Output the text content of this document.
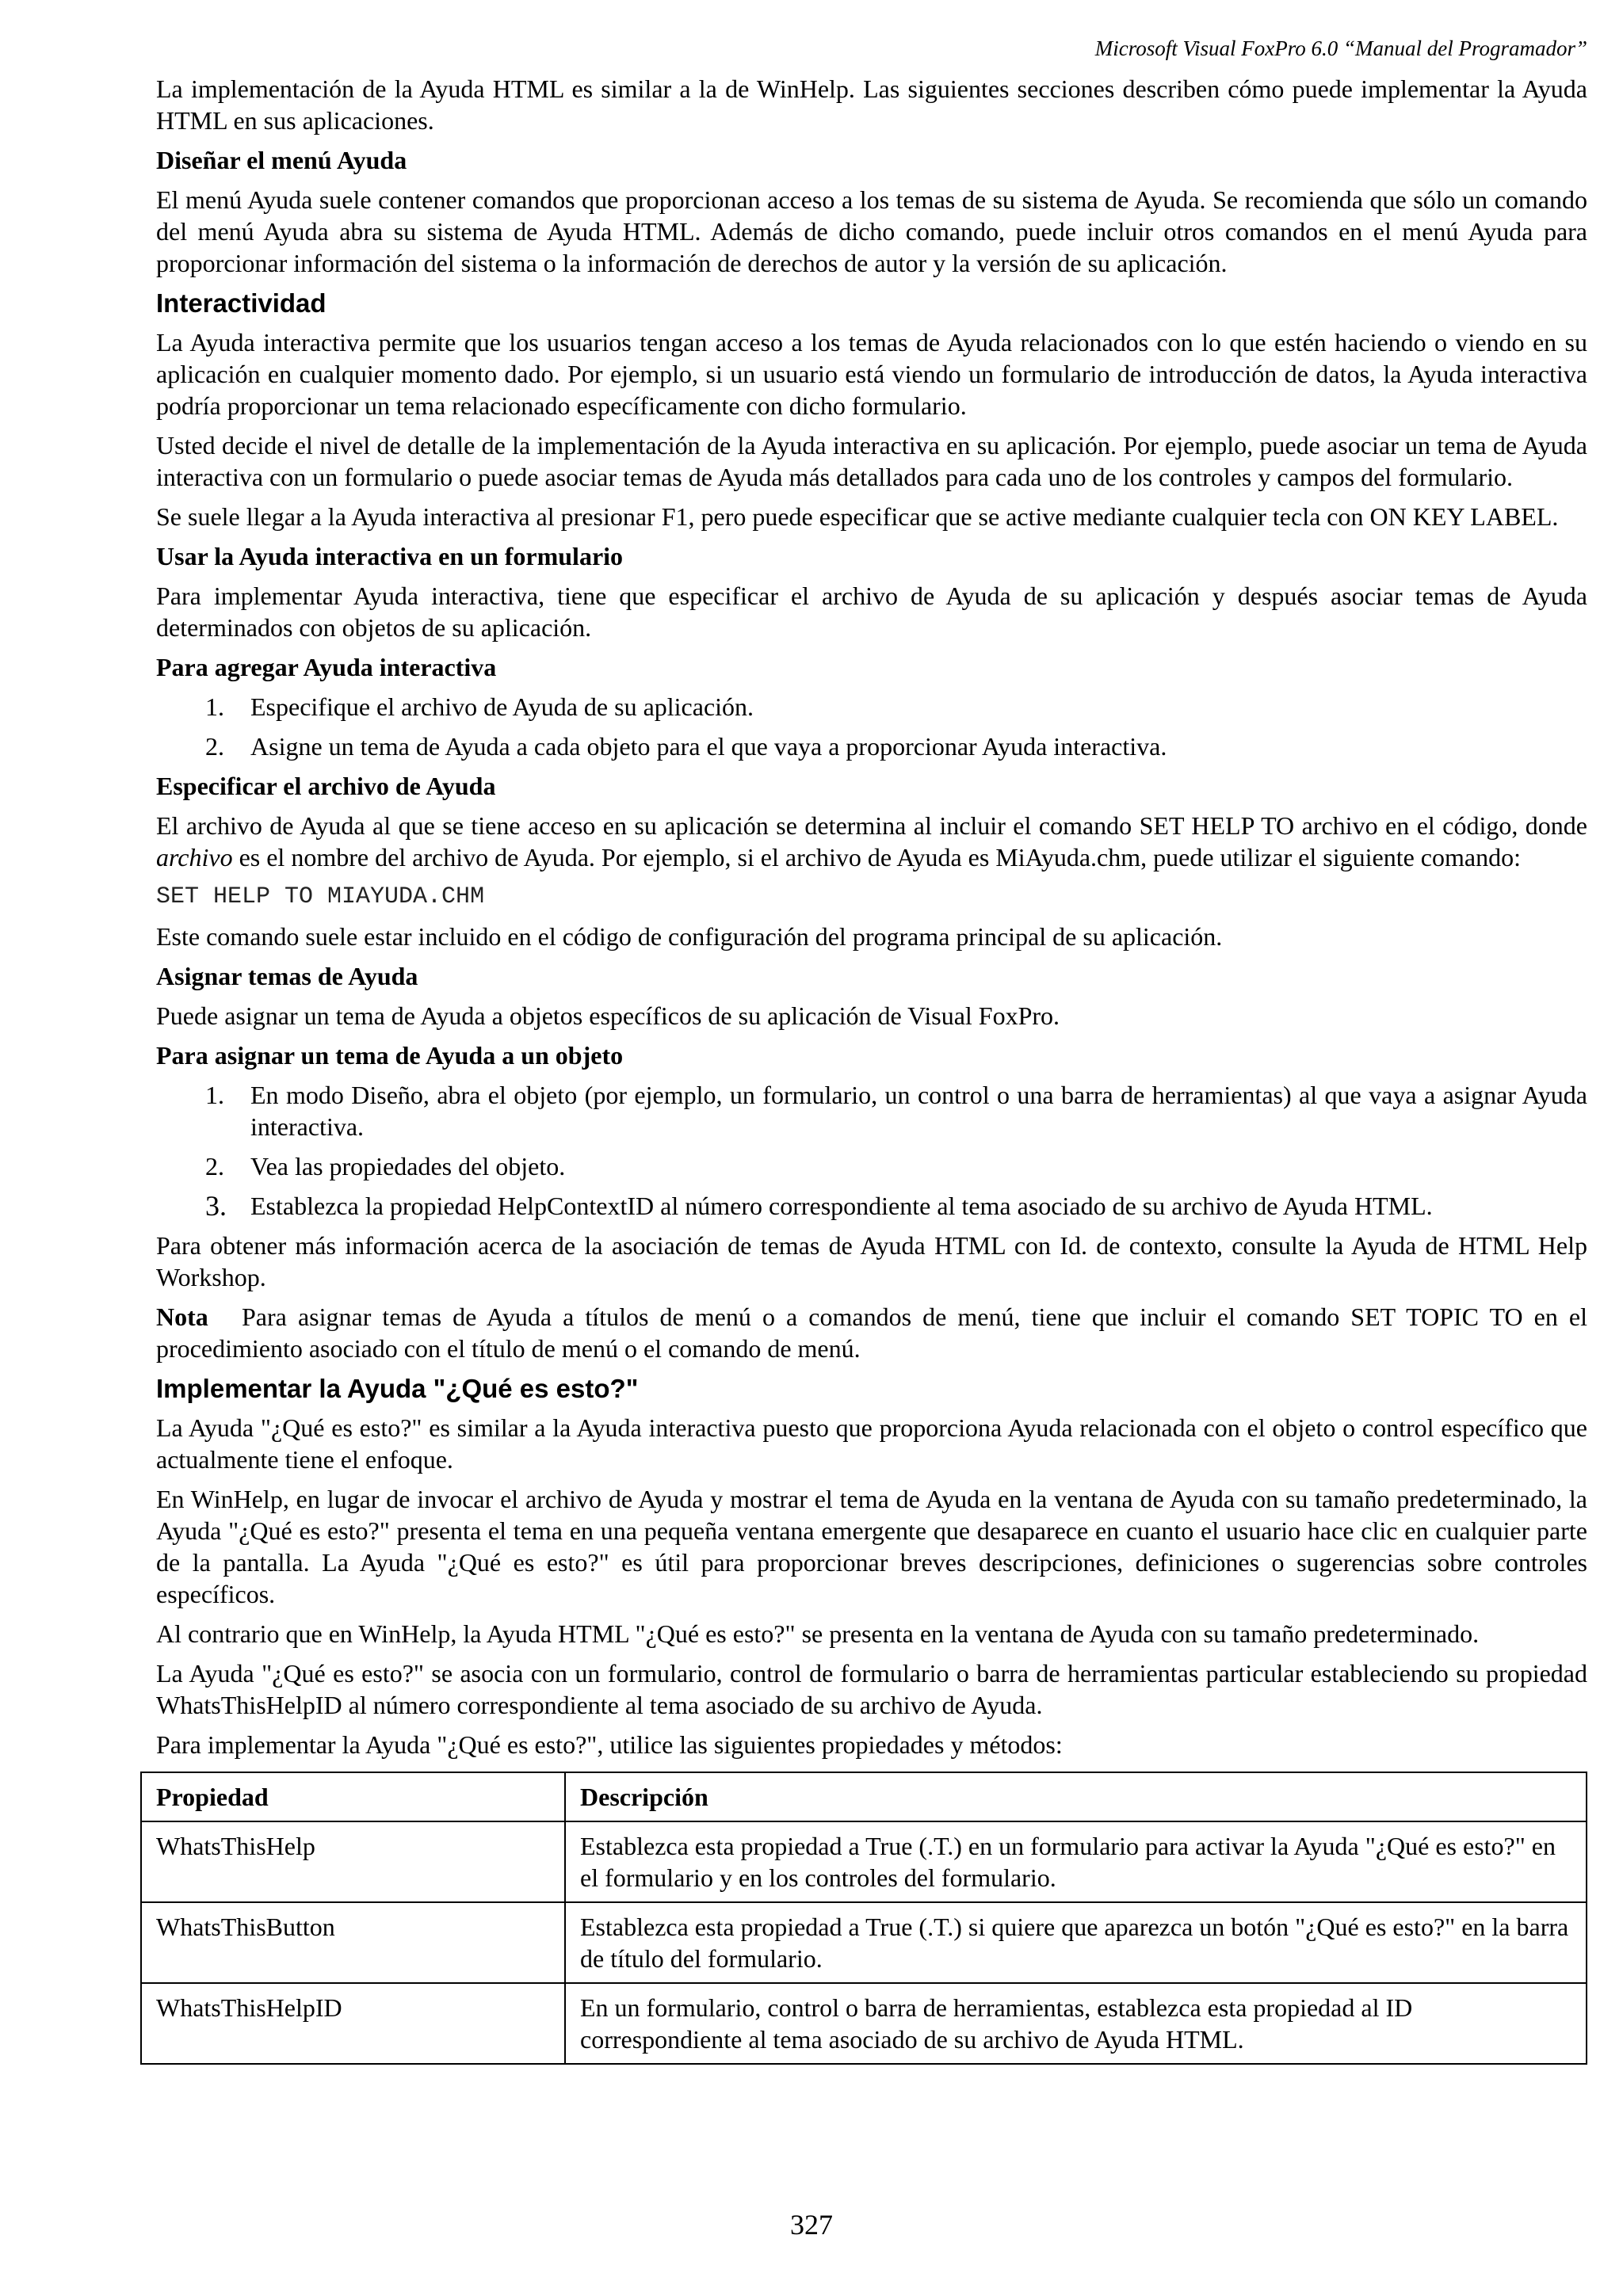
Microsoft Visual FoxPro 6.0 “Manual del Programador”

La implementación de la Ayuda HTML es similar a la de WinHelp. Las siguientes secciones describen cómo puede implementar la Ayuda HTML en sus aplicaciones.

Diseñar el menú Ayuda

El menú Ayuda suele contener comandos que proporcionan acceso a los temas de su sistema de Ayuda. Se recomienda que sólo un comando del menú Ayuda abra su sistema de Ayuda HTML. Además de dicho comando, puede incluir otros comandos en el menú Ayuda para proporcionar información del sistema o la información de derechos de autor y la versión de su aplicación.

Interactividad

La Ayuda interactiva permite que los usuarios tengan acceso a los temas de Ayuda relacionados con lo que estén haciendo o viendo en su aplicación en cualquier momento dado. Por ejemplo, si un usuario está viendo un formulario de introducción de datos, la Ayuda interactiva podría proporcionar un tema relacionado específicamente con dicho formulario.

Usted decide el nivel de detalle de la implementación de la Ayuda interactiva en su aplicación. Por ejemplo, puede asociar un tema de Ayuda interactiva con un formulario o puede asociar temas de Ayuda más detallados para cada uno de los controles y campos del formulario.

Se suele llegar a la Ayuda interactiva al presionar F1, pero puede especificar que se active mediante cualquier tecla con ON KEY LABEL.

Usar la Ayuda interactiva en un formulario

Para implementar Ayuda interactiva, tiene que especificar el archivo de Ayuda de su aplicación y después asociar temas de Ayuda determinados con objetos de su aplicación.

Para agregar Ayuda interactiva
1.	Especifique el archivo de Ayuda de su aplicación.
2.	Asigne un tema de Ayuda a cada objeto para el que vaya a proporcionar Ayuda interactiva.
Especificar el archivo de Ayuda

El archivo de Ayuda al que se tiene acceso en su aplicación se determina al incluir el comando SET HELP TO archivo en el código, donde archivo es el nombre del archivo de Ayuda. Por ejemplo, si el archivo de Ayuda es MiAyuda.chm, puede utilizar el siguiente comando:

SET HELP TO MIAYUDA.CHM

Este comando suele estar incluido en el código de configuración del programa principal de su aplicación.

Asignar temas de Ayuda

Puede asignar un tema de Ayuda a objetos específicos de su aplicación de Visual FoxPro.

Para asignar un tema de Ayuda a un objeto
1.	En modo Diseño, abra el objeto (por ejemplo, un formulario, un control o una barra de herramientas) al que vaya a asignar Ayuda interactiva.
2.	Vea las propiedades del objeto.
3. Establezca la propiedad HelpContextID al número correspondiente al tema asociado de su archivo de Ayuda HTML.

Para obtener más información acerca de la asociación de temas de Ayuda HTML con Id. de contexto, consulte la Ayuda de HTML Help Workshop.

Nota Para asignar temas de Ayuda a títulos de menú o a comandos de menú, tiene que incluir el comando SET TOPIC TO en el procedimiento asociado con el título de menú o el comando de menú.

Implementar la Ayuda "¿Qué es esto?"

La Ayuda "¿Qué es esto?" es similar a la Ayuda interactiva puesto que proporciona Ayuda relacionada con el objeto o control específico que actualmente tiene el enfoque.

En WinHelp, en lugar de invocar el archivo de Ayuda y mostrar el tema de Ayuda en la ventana de Ayuda con su tamaño predeterminado, la Ayuda "¿Qué es esto?" presenta el tema en una pequeña ventana emergente que desaparece en cuanto el usuario hace clic en cualquier parte de la pantalla. La Ayuda "¿Qué es esto?" es útil para proporcionar breves descripciones, definiciones o sugerencias sobre controles específicos.

Al contrario que en WinHelp, la Ayuda HTML "¿Qué es esto?" se presenta en la ventana de Ayuda con su tamaño predeterminado.

La Ayuda "¿Qué es esto?" se asocia con un formulario, control de formulario o barra de herramientas particular estableciendo su propiedad WhatsThisHelpID al número correspondiente al tema asociado de su archivo de Ayuda.

Para implementar la Ayuda "¿Qué es esto?", utilice las siguientes propiedades y métodos:

Propiedad	Descripción
WhatsThisHelp	Establezca esta propiedad a True (.T.) en un formulario para activar la Ayuda "¿Qué es esto?" en el formulario y en los controles del formulario.
WhatsThisButton	Establezca esta propiedad a True (.T.) si quiere que aparezca un botón "¿Qué es esto?" en la barra de título del formulario.
WhatsThisHelpID	En un formulario, control o barra de herramientas, establezca esta propiedad al ID correspondiente al tema asociado de su archivo de Ayuda HTML.
327
